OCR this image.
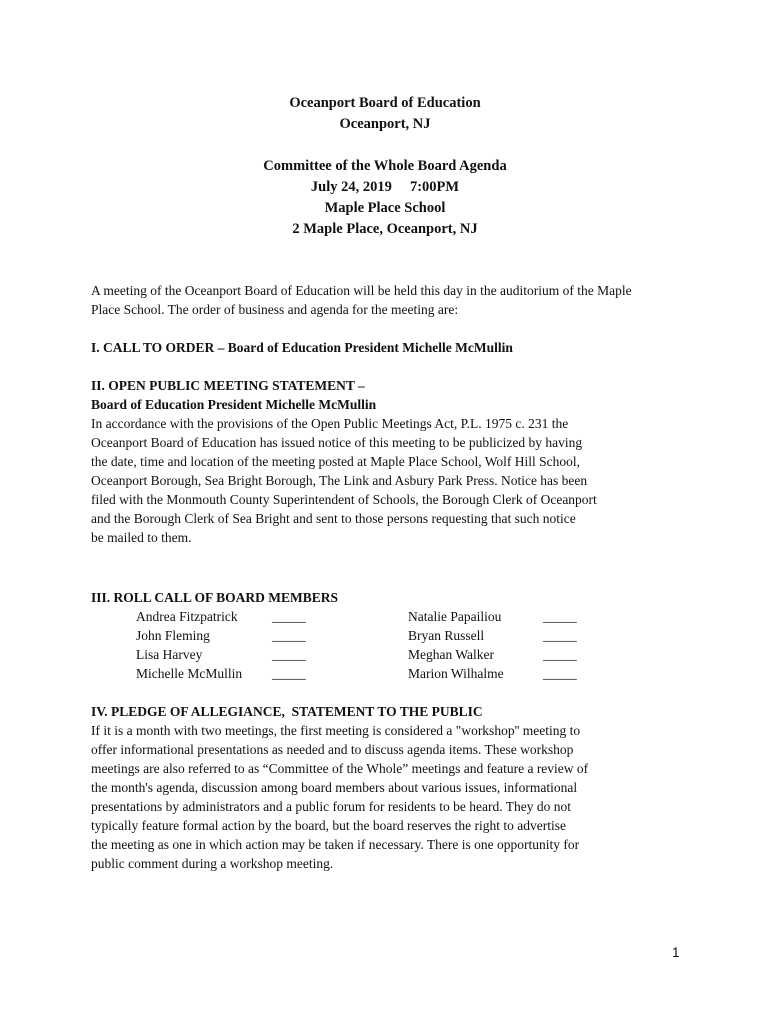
Oceanport Board of Education
Oceanport, NJ
Committee of the Whole Board Agenda
July 24, 2019     7:00PM
Maple Place School
2 Maple Place, Oceanport, NJ
A meeting of the Oceanport Board of Education will be held this day in the auditorium of the Maple
Place School. The order of business and agenda for the meeting are:
I. CALL TO ORDER – Board of Education President Michelle McMullin
II. OPEN PUBLIC MEETING STATEMENT –
Board of Education President Michelle McMullin
In accordance with the provisions of the Open Public Meetings Act, P.L. 1975 c. 231 the
Oceanport Board of Education has issued notice of this meeting to be publicized by having
the date, time and location of the meeting posted at Maple Place School, Wolf Hill School,
Oceanport Borough, Sea Bright Borough, The Link and Asbury Park Press. Notice has been
filed with the Monmouth County Superintendent of Schools, the Borough Clerk of Oceanport
and the Borough Clerk of Sea Bright and sent to those persons requesting that such notice
be mailed to them.
III. ROLL CALL OF BOARD MEMBERS
Andrea Fitzpatrick	_____	Natalie Papailiou	_____
John Fleming	_____	Bryan Russell	_____
Lisa Harvey	_____	Meghan Walker	_____
Michelle McMullin _____	Marion Wilhalme	_____
IV. PLEDGE OF ALLEGIANCE,  STATEMENT TO THE PUBLIC
If it is a month with two meetings, the first meeting is considered a "workshop'' meeting to
offer informational presentations as needed and to discuss agenda items. These workshop
meetings are also referred to as “Committee of the Whole” meetings and feature a review of
the month's agenda, discussion among board members about various issues, informational
presentations by administrators and a public forum for residents to be heard. They do not
typically feature formal action by the board, but the board reserves the right to advertise
the meeting as one in which action may be taken if necessary. There is one opportunity for
public comment during a workshop meeting.
1
